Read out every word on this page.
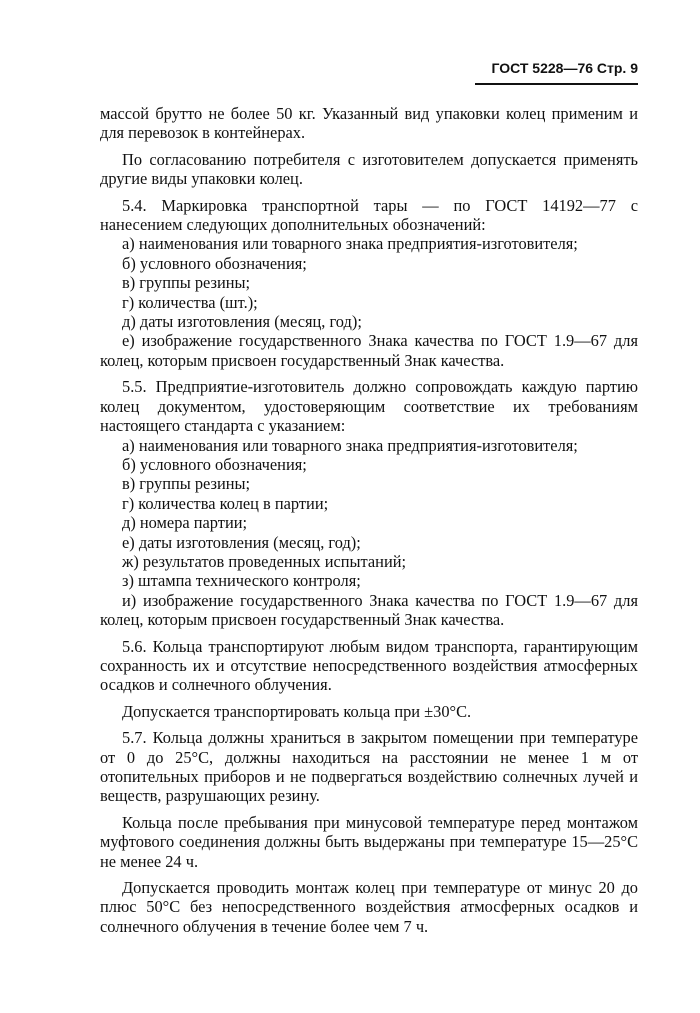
ГОСТ 5228—76 Стр. 9

массой брутто не более 50 кг. Указанный вид упаковки колец применим и для перевозок в контейнерах.

По согласованию потребителя с изготовителем допускается применять другие виды упаковки колец.

5.4. Маркировка транспортной тары — по ГОСТ 14192—77 с нанесением следующих дополнительных обозначений:

а) наименования или товарного знака предприятия-изготовителя;

б) условного обозначения;

в) группы резины;

г) количества (шт.);

д) даты изготовления (месяц, год);

е) изображение государственного Знака качества по ГОСТ 1.9—67 для колец, которым присвоен государственный Знак качества.

5.5. Предприятие-изготовитель должно сопровождать каждую партию колец документом, удостоверяющим соответствие их требованиям настоящего стандарта с указанием:

а) наименования или товарного знака предприятия-изготовителя;

б) условного обозначения;

в) группы резины;

г) количества колец в партии;

д) номера партии;

е) даты изготовления (месяц, год);

ж) результатов проведенных испытаний;

з) штампа технического контроля;

и) изображение государственного Знака качества по ГОСТ 1.9—67 для колец, которым присвоен государственный Знак качества.

5.6. Кольца транспортируют любым видом транспорта, гарантирующим сохранность их и отсутствие непосредственного воздействия атмосферных осадков и солнечного облучения.

Допускается транспортировать кольца при ±30°C.

5.7. Кольца должны храниться в закрытом помещении при температуре от 0 до 25°C, должны находиться на расстоянии не менее 1 м от отопительных приборов и не подвергаться воздействию солнечных лучей и веществ, разрушающих резину.

Кольца после пребывания при минусовой температуре перед монтажом муфтового соединения должны быть выдержаны при температуре 15—25°C не менее 24 ч.

Допускается проводить монтаж колец при температуре от минус 20 до плюс 50°C без непосредственного воздействия атмосферных осадков и солнечного облучения в течение более чем 7 ч.
